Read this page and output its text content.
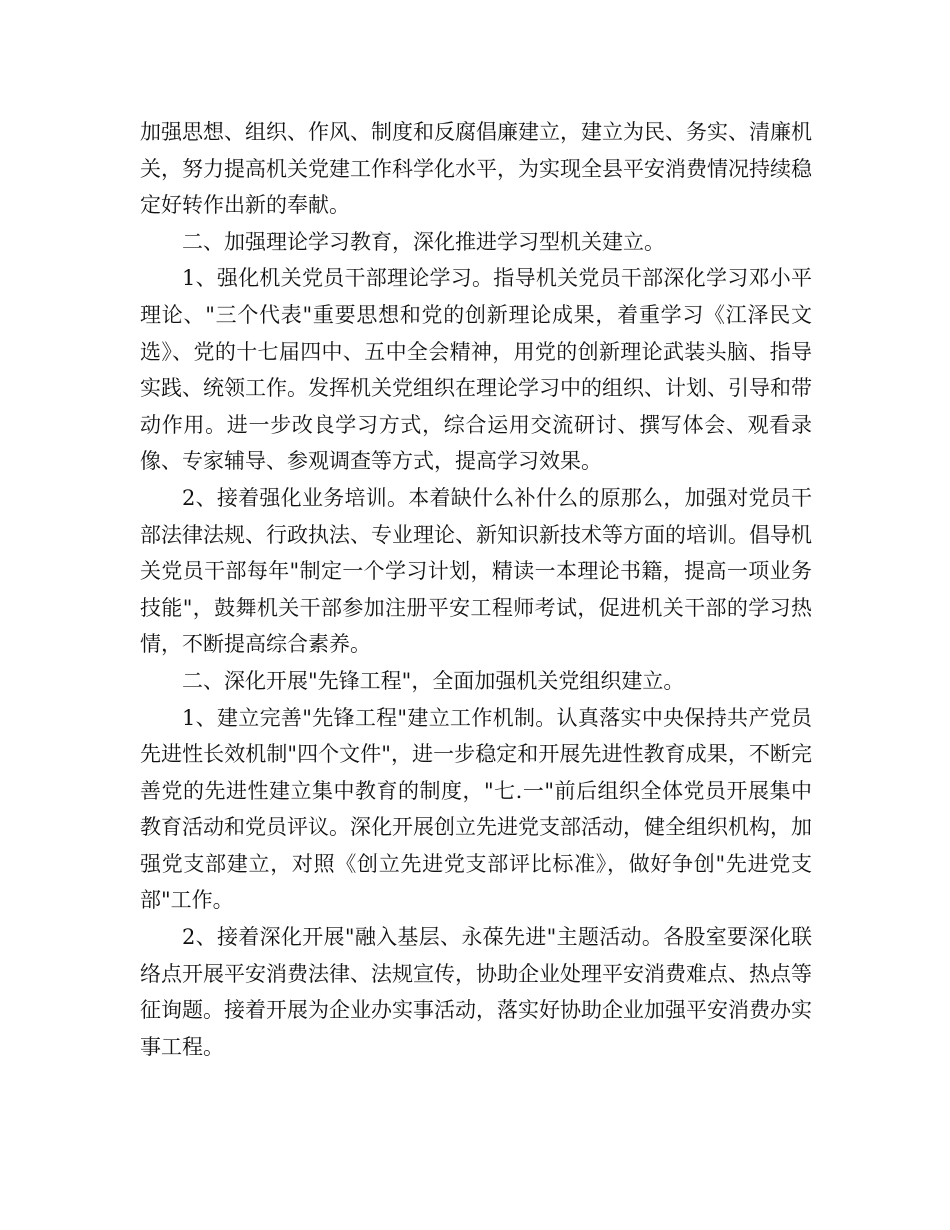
加强思想、组织、作风、制度和反腐倡廉建立，建立为民、务实、清廉机关，努力提高机关党建工作科学化水平，为实现全县平安消费情况持续稳定好转作出新的奉献。

二、加强理论学习教育，深化推进学习型机关建立。

1、强化机关党员干部理论学习。指导机关党员干部深化学习邓小平理论、"三个代表"重要思想和党的创新理论成果，着重学习《江泽民文选》、党的十七届四中、五中全会精神，用党的创新理论武装头脑、指导实践、统领工作。发挥机关党组织在理论学习中的组织、计划、引导和带动作用。进一步改良学习方式，综合运用交流研讨、撰写体会、观看录像、专家辅导、参观调查等方式，提高学习效果。

2、接着强化业务培训。本着缺什么补什么的原那么，加强对党员干部法律法规、行政执法、专业理论、新知识新技术等方面的培训。倡导机关党员干部每年"制定一个学习计划，精读一本理论书籍，提高一项业务技能"，鼓舞机关干部参加注册平安工程师考试，促进机关干部的学习热情，不断提高综合素养。

二、深化开展"先锋工程"，全面加强机关党组织建立。

1、建立完善"先锋工程"建立工作机制。认真落实中央保持共产党员先进性长效机制"四个文件"，进一步稳定和开展先进性教育成果，不断完善党的先进性建立集中教育的制度，"七.一"前后组织全体党员开展集中教育活动和党员评议。深化开展创立先进党支部活动，健全组织机构，加强党支部建立，对照《创立先进党支部评比标准》，做好争创"先进党支部"工作。

2、接着深化开展"融入基层、永葆先进"主题活动。各股室要深化联络点开展平安消费法律、法规宣传，协助企业处理平安消费难点、热点等征询题。接着开展为企业办实事活动，落实好协助企业加强平安消费办实事工程。
